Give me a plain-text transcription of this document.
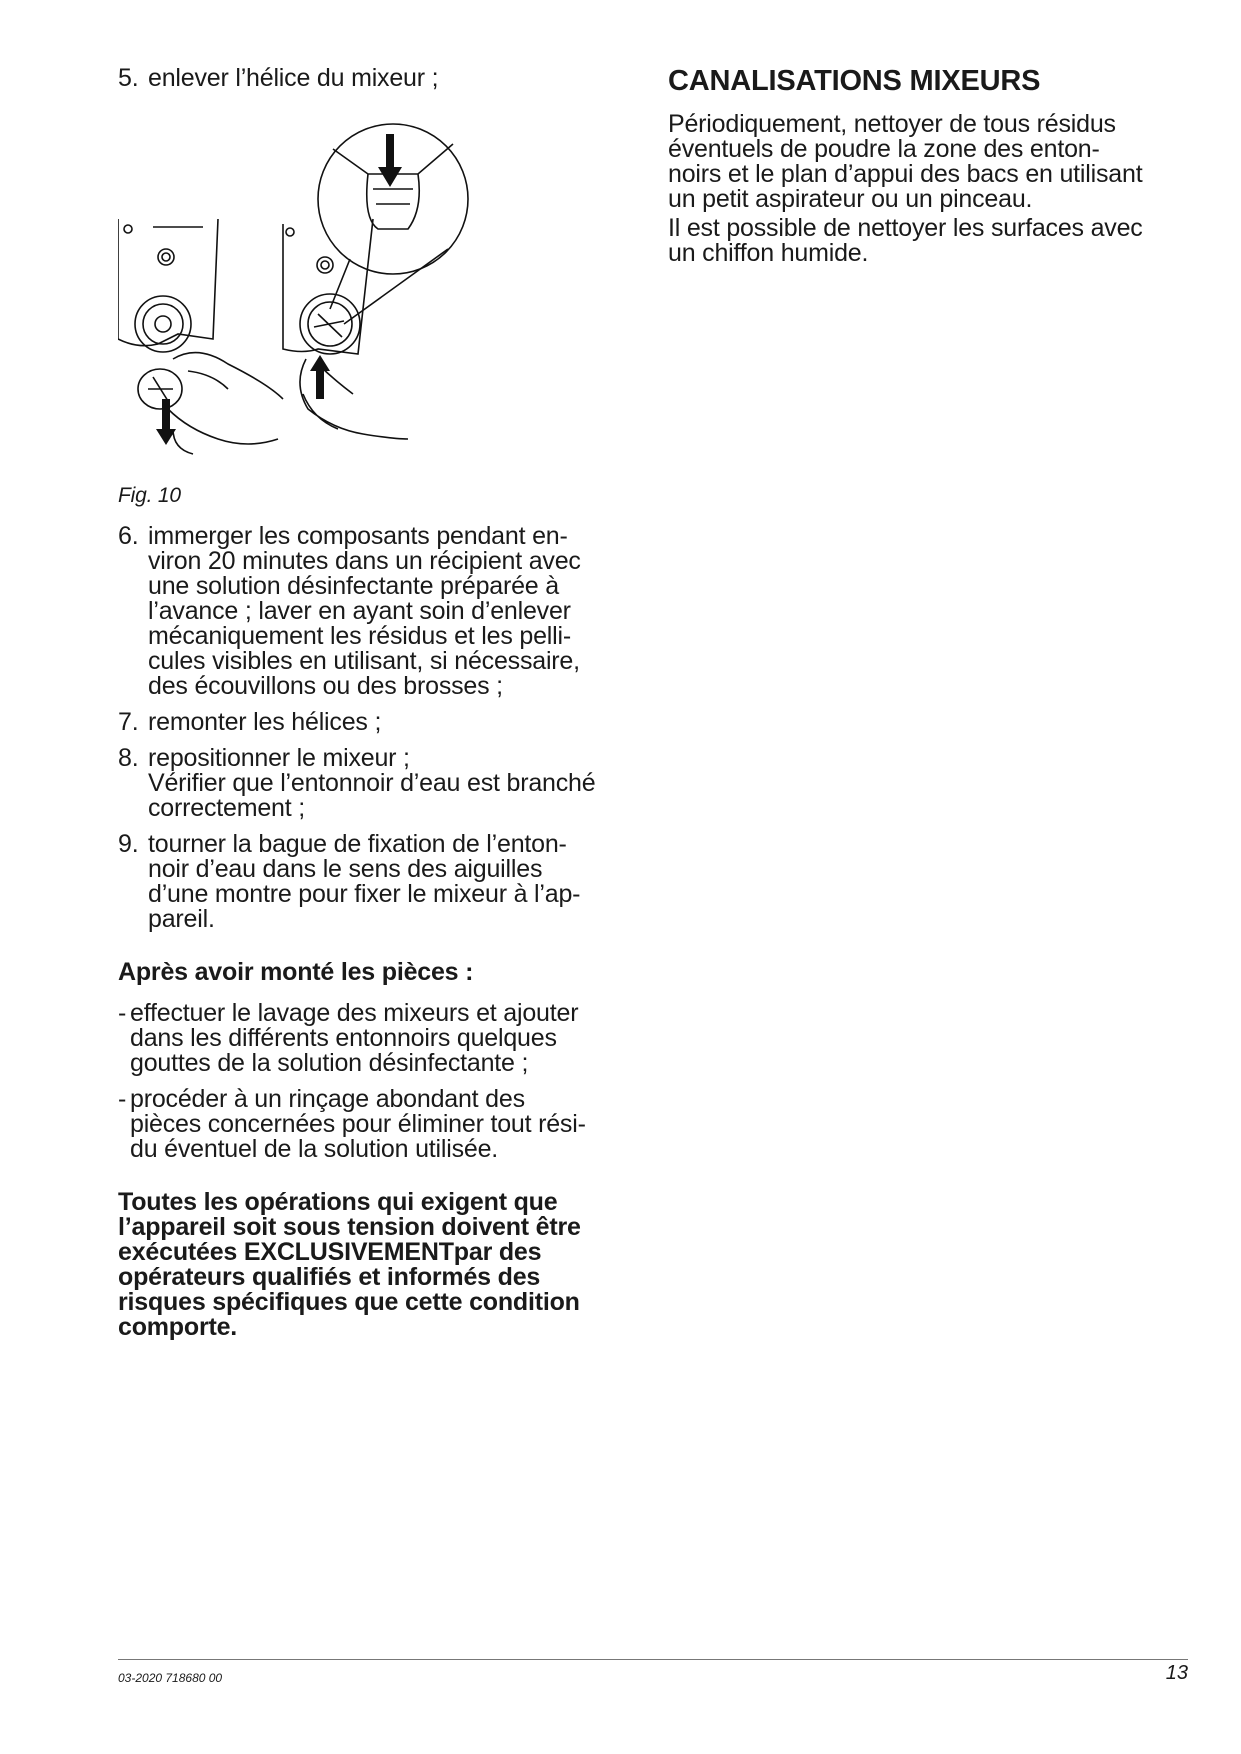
5. enlever l’hélice du mixeur ;

Fig. 10
6. immerger les composants pendant en-
viron 20 minutes dans un récipient avec
une solution désinfectante préparée à
l’avance ; laver en ayant soin d’enlever
mécaniquement les résidus et les pelli-
cules visibles en utilisant, si nécessaire,
des écouvillons ou des brosses ;
7. remonter les hélices ;
8. repositionner le mixeur ;
Vérifier que l’entonnoir d’eau est branché
correctement ;
9. tourner la bague de fixation de l’enton-
noir d’eau dans le sens des aiguilles
d’une montre pour fixer le mixeur à l’ap-
pareil.
Après avoir monté les pièces :
- effectuer le lavage des mixeurs et ajouter
dans les différents entonnoirs quelques
gouttes de la solution désinfectante ;
- procéder à un rinçage abondant des
pièces concernées pour éliminer tout rési-
du éventuel de la solution utilisée.
Toutes les opérations qui exigent que
l’appareil soit sous tension doivent être
exécutées EXCLUSIVEMENTpar des
opérateurs qualifiés et informés des
risques spécifiques que cette condition
comporte.
CANALISATIONS MIXEURS
Périodiquement, nettoyer de tous résidus
éventuels de poudre la zone des enton-
noirs et le plan d’appui des bacs en utilisant
un petit aspirateur ou un pinceau.
Il est possible de nettoyer les surfaces avec
un chiffon humide.
03-2020 718680 00	13
